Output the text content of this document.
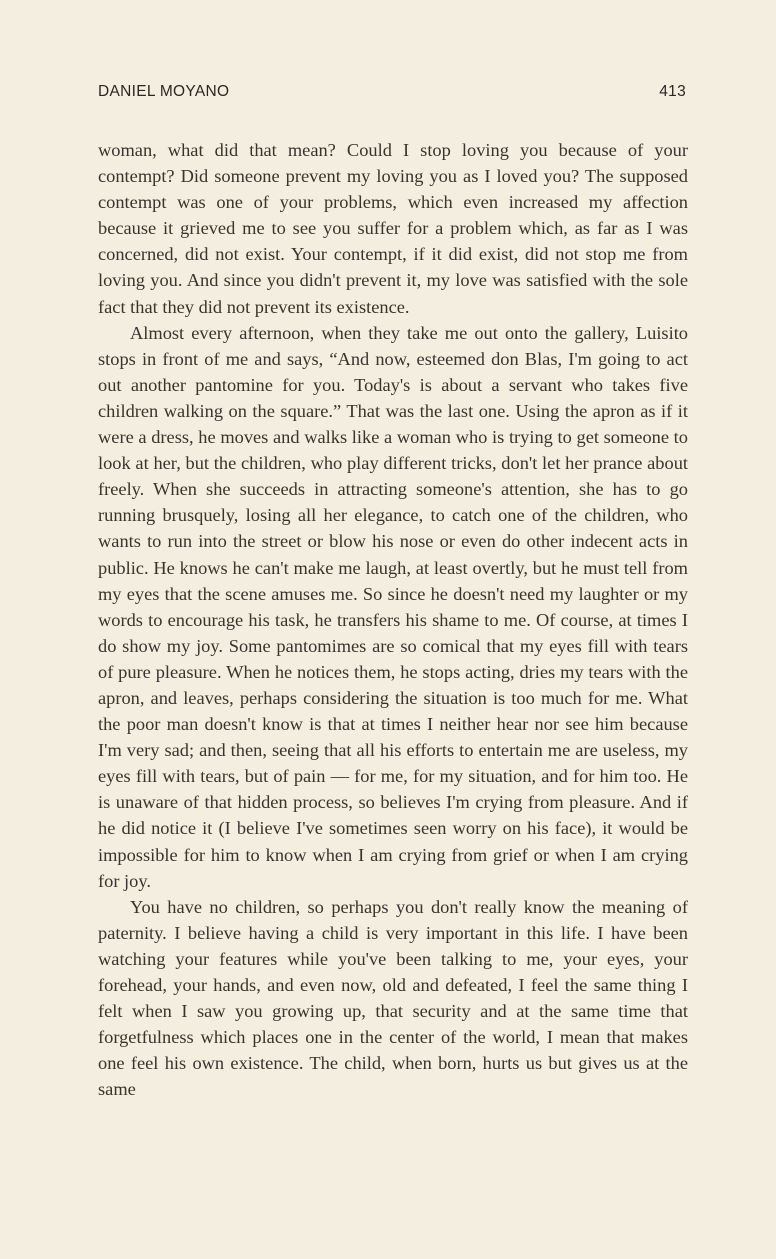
DANIEL MOYANO	413

woman, what did that mean? Could I stop loving you because of your contempt? Did someone prevent my loving you as I loved you? The supposed contempt was one of your problems, which even increased my affection because it grieved me to see you suffer for a problem which, as far as I was concerned, did not exist. Your contempt, if it did exist, did not stop me from loving you. And since you didn't prevent it, my love was satisfied with the sole fact that they did not prevent its existence.

Almost every afternoon, when they take me out onto the gallery, Luisito stops in front of me and says, “And now, esteemed don Blas, I'm going to act out another pantomine for you. Today's is about a servant who takes five children walking on the square.” That was the last one. Using the apron as if it were a dress, he moves and walks like a woman who is trying to get someone to look at her, but the children, who play different tricks, don't let her prance about freely. When she succeeds in attracting someone's attention, she has to go running brusquely, losing all her elegance, to catch one of the children, who wants to run into the street or blow his nose or even do other indecent acts in public. He knows he can't make me laugh, at least overtly, but he must tell from my eyes that the scene amuses me. So since he doesn't need my laughter or my words to encourage his task, he transfers his shame to me. Of course, at times I do show my joy. Some pantomimes are so comical that my eyes fill with tears of pure pleasure. When he notices them, he stops acting, dries my tears with the apron, and leaves, perhaps considering the situation is too much for me. What the poor man doesn't know is that at times I neither hear nor see him because I'm very sad; and then, seeing that all his efforts to entertain me are useless, my eyes fill with tears, but of pain — for me, for my situation, and for him too. He is unaware of that hidden process, so believes I'm crying from pleasure. And if he did notice it (I believe I've sometimes seen worry on his face), it would be impossible for him to know when I am crying from grief or when I am crying for joy.

You have no children, so perhaps you don't really know the meaning of paternity. I believe having a child is very important in this life. I have been watching your features while you've been talking to me, your eyes, your forehead, your hands, and even now, old and defeated, I feel the same thing I felt when I saw you growing up, that security and at the same time that forgetfulness which places one in the center of the world, I mean that makes one feel his own existence. The child, when born, hurts us but gives us at the same
